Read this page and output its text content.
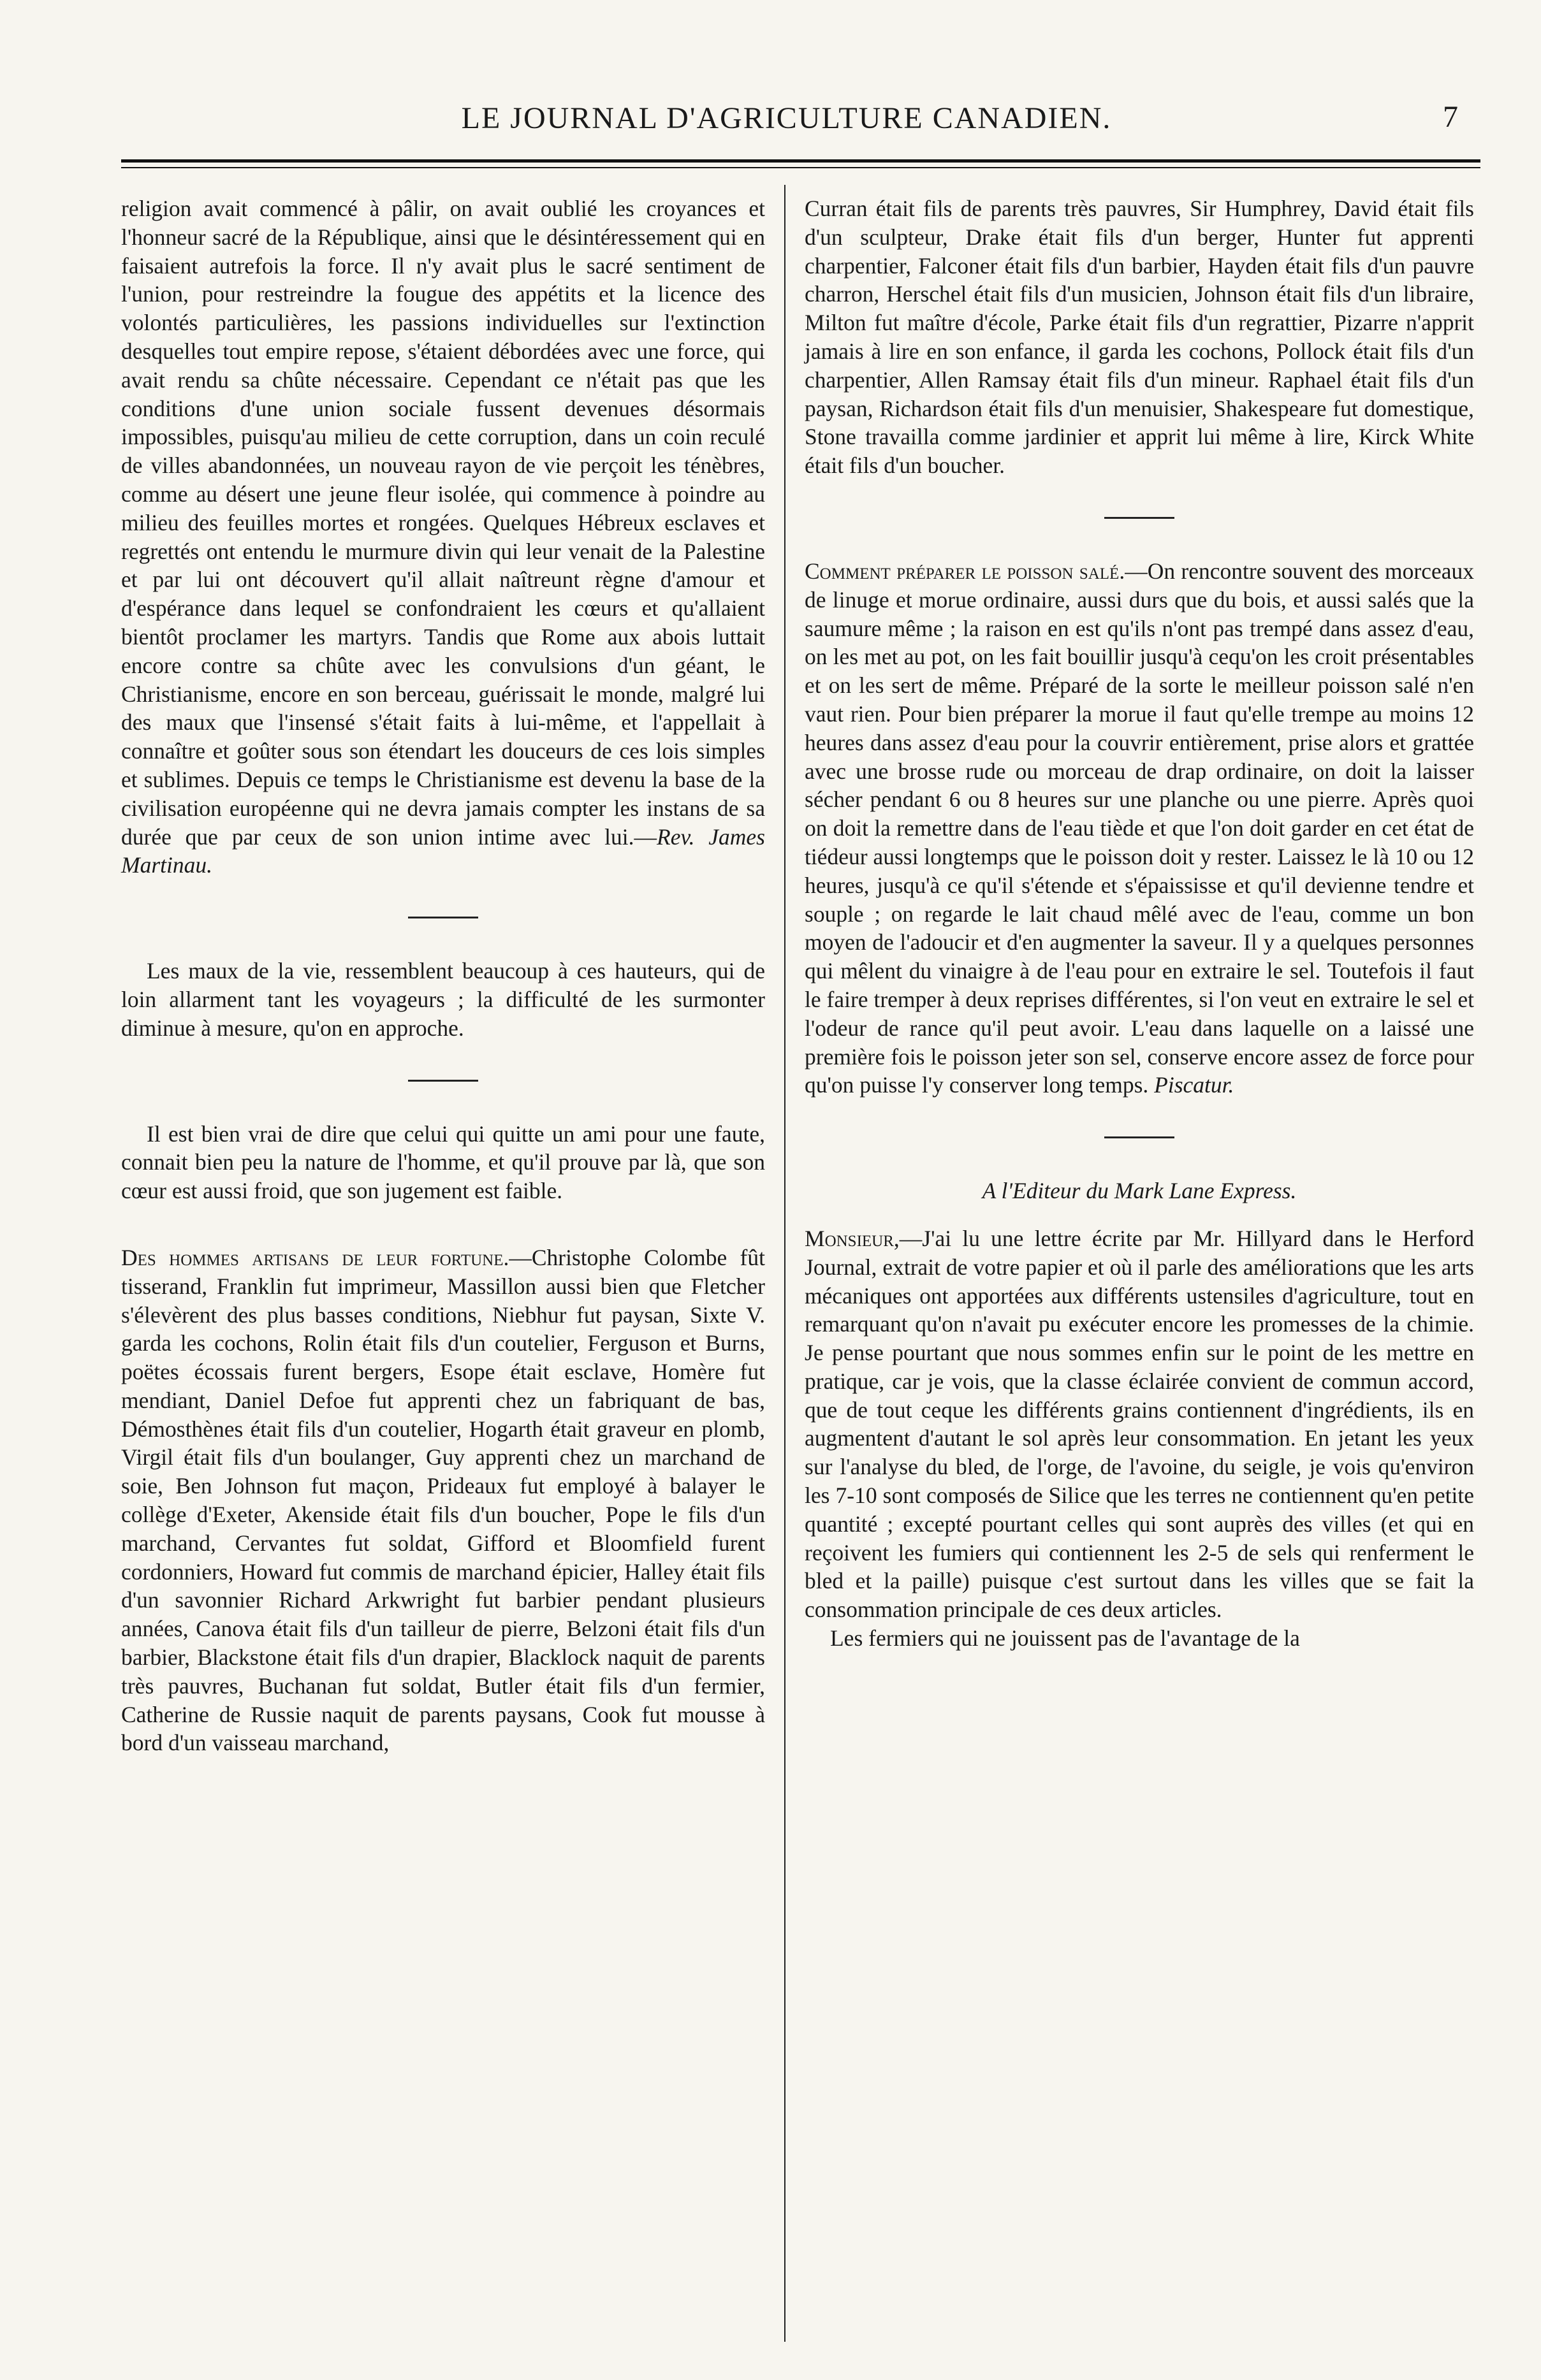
LE JOURNAL D'AGRICULTURE CANADIEN.	7

religion avait commencé à pâlir, on avait oublié les croyances et l'honneur sacré de la République, ainsi que le désintéressement qui en faisaient autrefois la force. Il n'y avait plus le sacré sentiment de l'union, pour restreindre la fougue des appétits et la licence des volontés particulières, les passions individuelles sur l'extinction desquelles tout empire repose, s'étaient débordées avec une force, qui avait rendu sa chûte nécessaire. Cependant ce n'était pas que les conditions d'une union sociale fussent devenues désormais impossibles, puisqu'au milieu de cette corruption, dans un coin reculé de villes abandonnées, un nouveau rayon de vie perçoit les ténèbres, comme au désert une jeune fleur isolée, qui commence à poindre au milieu des feuilles mortes et rongées. Quelques Hébreux esclaves et regrettés ont entendu le murmure divin qui leur venait de la Palestine et par lui ont découvert qu'il allait naîtreunt règne d'amour et d'espérance dans lequel se confondraient les cœurs et qu'allaient bientôt proclamer les martyrs. Tandis que Rome aux abois luttait encore contre sa chûte avec les convulsions d'un géant, le Christianisme, encore en son berceau, guérissait le monde, malgré lui des maux que l'insensé s'était faits à lui-même, et l'appellait à connaître et goûter sous son étendart les douceurs de ces lois simples et sublimes. Depuis ce temps le Christianisme est devenu la base de la civilisation européenne qui ne devra jamais compter les instans de sa durée que par ceux de son union intime avec lui.—Rev. James Martinau.

Les maux de la vie, ressemblent beaucoup à ces hauteurs, qui de loin allarment tant les voyageurs ; la difficulté de les surmonter diminue à mesure, qu'on en approche.

Il est bien vrai de dire que celui qui quitte un ami pour une faute, connait bien peu la nature de l'homme, et qu'il prouve par là, que son cœur est aussi froid, que son jugement est faible.

Des hommes artisans de leur fortune.—Christophe Colombe fût tisserand, Franklin fut imprimeur, Massillon aussi bien que Fletcher s'élevèrent des plus basses conditions, Niebhur fut paysan, Sixte V. garda les cochons, Rolin était fils d'un coutelier, Ferguson et Burns, poëtes écossais furent bergers, Esope était esclave, Homère fut mendiant, Daniel Defoe fut apprenti chez un fabriquant de bas, Démosthènes était fils d'un coutelier, Hogarth était graveur en plomb, Virgil était fils d'un boulanger, Guy apprenti chez un marchand de soie, Ben Johnson fut maçon, Prideaux fut employé à balayer le collège d'Exeter, Akenside était fils d'un boucher, Pope le fils d'un marchand, Cervantes fut soldat, Gifford et Bloomfield furent cordonniers, Howard fut commis de marchand épicier, Halley était fils d'un savonnier Richard Arkwright fut barbier pendant plusieurs années, Canova était fils d'un tailleur de pierre, Belzoni était fils d'un barbier, Blackstone était fils d'un drapier, Blacklock naquit de parents très pauvres, Buchanan fut soldat, Butler était fils d'un fermier, Catherine de Russie naquit de parents paysans, Cook fut mousse à bord d'un vaisseau marchand,

Curran était fils de parents très pauvres, Sir Humphrey, David était fils d'un sculpteur, Drake était fils d'un berger, Hunter fut apprenti charpentier, Falconer était fils d'un barbier, Hayden était fils d'un pauvre charron, Herschel était fils d'un musicien, Johnson était fils d'un libraire, Milton fut maître d'école, Parke était fils d'un regrattier, Pizarre n'apprit jamais à lire en son enfance, il garda les cochons, Pollock était fils d'un charpentier, Allen Ramsay était fils d'un mineur. Raphael était fils d'un paysan, Richardson était fils d'un menuisier, Shakespeare fut domestique, Stone travailla comme jardinier et apprit lui même à lire, Kirck White était fils d'un boucher.

Comment préparer le poisson salé.—On rencontre souvent des morceaux de linuge et morue ordinaire, aussi durs que du bois, et aussi salés que la saumure même ; la raison en est qu'ils n'ont pas trempé dans assez d'eau, on les met au pot, on les fait bouillir jusqu'à cequ'on les croit présentables et on les sert de même. Préparé de la sorte le meilleur poisson salé n'en vaut rien. Pour bien préparer la morue il faut qu'elle trempe au moins 12 heures dans assez d'eau pour la couvrir entièrement, prise alors et grattée avec une brosse rude ou morceau de drap ordinaire, on doit la laisser sécher pendant 6 ou 8 heures sur une planche ou une pierre. Après quoi on doit la remettre dans de l'eau tiède et que l'on doit garder en cet état de tiédeur aussi longtemps que le poisson doit y rester. Laissez le là 10 ou 12 heures, jusqu'à ce qu'il s'étende et s'épaississe et qu'il devienne tendre et souple ; on regarde le lait chaud mêlé avec de l'eau, comme un bon moyen de l'adoucir et d'en augmenter la saveur. Il y a quelques personnes qui mêlent du vinaigre à de l'eau pour en extraire le sel. Toutefois il faut le faire tremper à deux reprises différentes, si l'on veut en extraire le sel et l'odeur de rance qu'il peut avoir. L'eau dans laquelle on a laissé une première fois le poisson jeter son sel, conserve encore assez de force pour qu'on puisse l'y conserver long temps. Piscatur.

A l'Editeur du Mark Lane Express.

Monsieur,—J'ai lu une lettre écrite par Mr. Hillyard dans le Herford Journal, extrait de votre papier et où il parle des améliorations que les arts mécaniques ont apportées aux différents ustensiles d'agriculture, tout en remarquant qu'on n'avait pu exécuter encore les promesses de la chimie. Je pense pourtant que nous sommes enfin sur le point de les mettre en pratique, car je vois, que la classe éclairée convient de commun accord, que de tout ceque les différents grains contiennent d'ingrédients, ils en augmentent d'autant le sol après leur consommation. En jetant les yeux sur l'analyse du bled, de l'orge, de l'avoine, du seigle, je vois qu'environ les 7-10 sont composés de Silice que les terres ne contiennent qu'en petite quantité ; excepté pourtant celles qui sont auprès des villes (et qui en reçoivent les fumiers qui contiennent les 2-5 de sels qui renferment le bled et la paille) puisque c'est surtout dans les villes que se fait la consommation principale de ces deux articles.

Les fermiers qui ne jouissent pas de l'avantage de la
